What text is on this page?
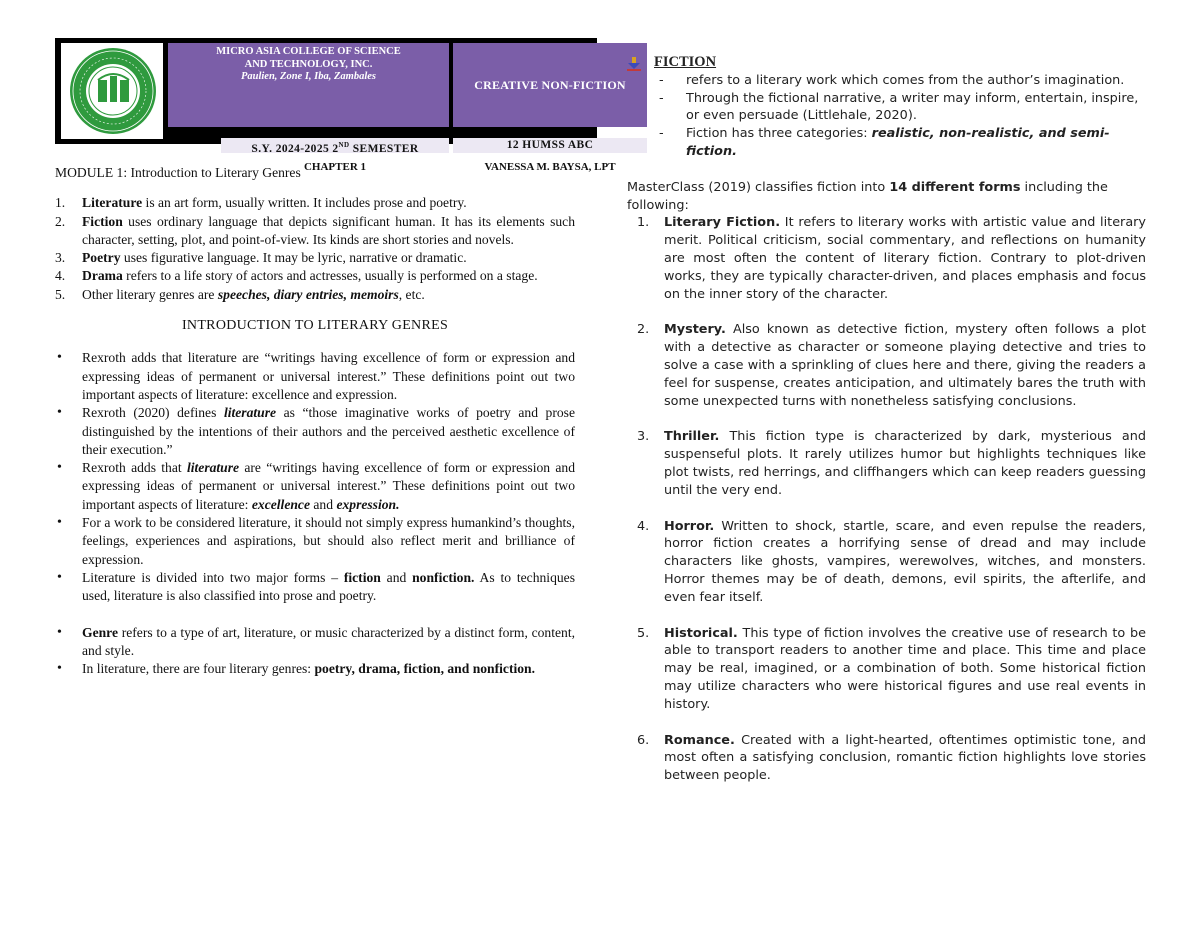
MICRO ASIA COLLEGE OF SCIENCE
AND TECHNOLOGY, INC.
Paulien, Zone I, Iba, Zambales
CREATIVE NON-FICTION
S.Y. 2024-2025 2ND SEMESTER	12 HUMSS ABC
CHAPTER 1	VANESSA M. BAYSA, LPT
MODULE 1: Introduction to Literary Genres
1. Literature is an art form, usually written. It includes prose and poetry.
2. Fiction uses ordinary language that depicts significant human. It has its elements such character, setting, plot, and point-of-view. Its kinds are short stories and novels.
3. Poetry uses figurative language. It may be lyric, narrative or dramatic.
4. Drama refers to a life story of actors and actresses, usually is performed on a stage.
5. Other literary genres are speeches, diary entries, memoirs, etc.
INTRODUCTION TO LITERARY GENRES
• Rexroth adds that literature are “writings having excellence of form or expression and expressing ideas of permanent or universal interest.” These definitions point out two important aspects of literature: excellence and expression.
• Rexroth (2020) defines literature as “those imaginative works of poetry and prose distinguished by the intentions of their authors and the perceived aesthetic excellence of their execution.”
• Rexroth adds that literature are “writings having excellence of form or expression and expressing ideas of permanent or universal interest.” These definitions point out two important aspects of literature: excellence and expression.
• For a work to be considered literature, it should not simply express humankind’s thoughts, feelings, experiences and aspirations, but should also reflect merit and brilliance of expression.
• Literature is divided into two major forms – fiction and nonfiction. As to techniques used, literature is also classified into prose and poetry.
• Genre refers to a type of art, literature, or music characterized by a distinct form, content, and style.
• In literature, there are four literary genres: poetry, drama, fiction, and nonfiction.
FICTION
- refers to a literary work which comes from the author’s imagination.
- Through the fictional narrative, a writer may inform, entertain, inspire, or even persuade (Littlehale, 2020).
- Fiction has three categories: realistic, non-realistic, and semi-fiction.
MasterClass (2019) classifies fiction into 14 different forms including the following:
1. Literary Fiction. It refers to literary works with artistic value and literary merit. Political criticism, social commentary, and reflections on humanity are most often the content of literary fiction. Contrary to plot-driven works, they are typically character-driven, and places emphasis and focus on the inner story of the character.
2. Mystery. Also known as detective fiction, mystery often follows a plot with a detective as character or someone playing detective and tries to solve a case with a sprinkling of clues here and there, giving the readers a feel for suspense, creates anticipation, and ultimately bares the truth with some unexpected turns with nonetheless satisfying conclusions.
3. Thriller. This fiction type is characterized by dark, mysterious and suspenseful plots. It rarely utilizes humor but highlights techniques like plot twists, red herrings, and cliffhangers which can keep readers guessing until the very end.
4. Horror. Written to shock, startle, scare, and even repulse the readers, horror fiction creates a horrifying sense of dread and may include characters like ghosts, vampires, werewolves, witches, and monsters. Horror themes may be of death, demons, evil spirits, the afterlife, and even fear itself.
5. Historical. This type of fiction involves the creative use of research to be able to transport readers to another time and place. This time and place may be real, imagined, or a combination of both. Some historical fiction may utilize characters who were historical figures and use real events in history.
6. Romance. Created with a light-hearted, oftentimes optimistic tone, and most often a satisfying conclusion, romantic fiction highlights love stories between people.
